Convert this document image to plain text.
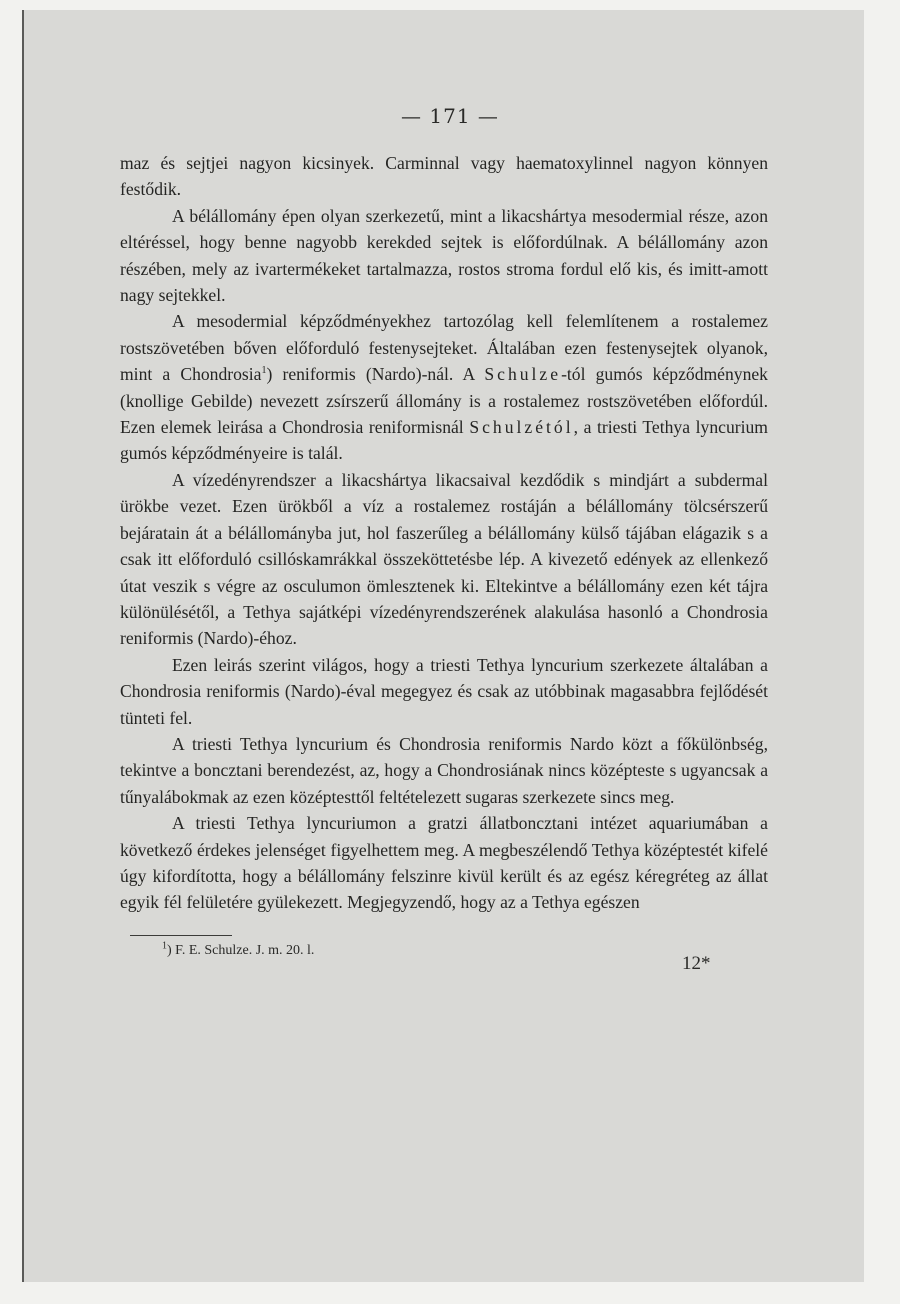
— 171 —

maz és sejtjei nagyon kicsinyek. Carminnal vagy haematoxylinnel nagyon könnyen festődik.

A bélállomány épen olyan szerkezetű, mint a likacshártya mesodermial része, azon eltéréssel, hogy benne nagyobb kerekded sejtek is előfordúlnak. A bélállomány azon részében, mely az ivartermékeket tartalmazza, rostos stroma fordul elő kis, és imitt-amott nagy sejtekkel.

A mesodermial képződményekhez tartozólag kell felemlítenem a rostalemez rostszövetében bőven előforduló festenysejteket. Általában ezen festenysejtek olyanok, mint a Chondrosia$^1$) reniformis (Nardo)-nál. A Schulze-tól gumós képződménynek (knollige Gebilde) nevezett zsírszerű állomány is a rostalemez rostszövetében előfordúl. Ezen elemek leirása a Chondrosia reniformisnál Schulzétól, a triesti Tethya lyncurium gumós képződményeire is talál.

A vízedényrendszer a likacshártya likacsaival kezdődik s mindjárt a subdermal ürökbe vezet. Ezen ürökből a víz a rostalemez rostáján a bélállomány tölcsérszerű bejáratain át a bélállományba jut, hol faszerűleg a bélállomány külső tájában elágazik s a csak itt előforduló csillóskamrákkal összeköttetésbe lép. A kivezető edények az ellenkező útat veszik s végre az osculumon ömlesztenek ki. Eltekintve a bélállomány ezen két tájra különülésétől, a Tethya sajátképi vízedényrendszerének alakulása hasonló a Chondrosia reniformis (Nardo)-éhoz.

Ezen leirás szerint világos, hogy a triesti Tethya lyncurium szerkezete általában a Chondrosia reniformis (Nardo)-éval megegyez és csak az utóbbinak magasabbra fejlődését tünteti fel.

A triesti Tethya lyncurium és Chondrosia reniformis Nardo közt a főkülönbség, tekintve a boncztani berendezést, az, hogy a Chondrosiának nincs középteste s ugyancsak a tűnyalábokmak az ezen középtesttől feltételezett sugaras szerkezete sincs meg.

A triesti Tethya lyncuriumon a gratzi állatboncztani intézet aquariumában a következő érdekes jelenséget figyelhettem meg. A megbeszélendő Tethya középtestét kifelé úgy kifordította, hogy a bélállomány felszinre kivül került és az egész kéregréteg az állat egyik fél felületére gyülekezett. Megjegyzendő, hogy az a Tethya egészen

$^1$) F. E. Schulze. J. m. 20. l.
12*
